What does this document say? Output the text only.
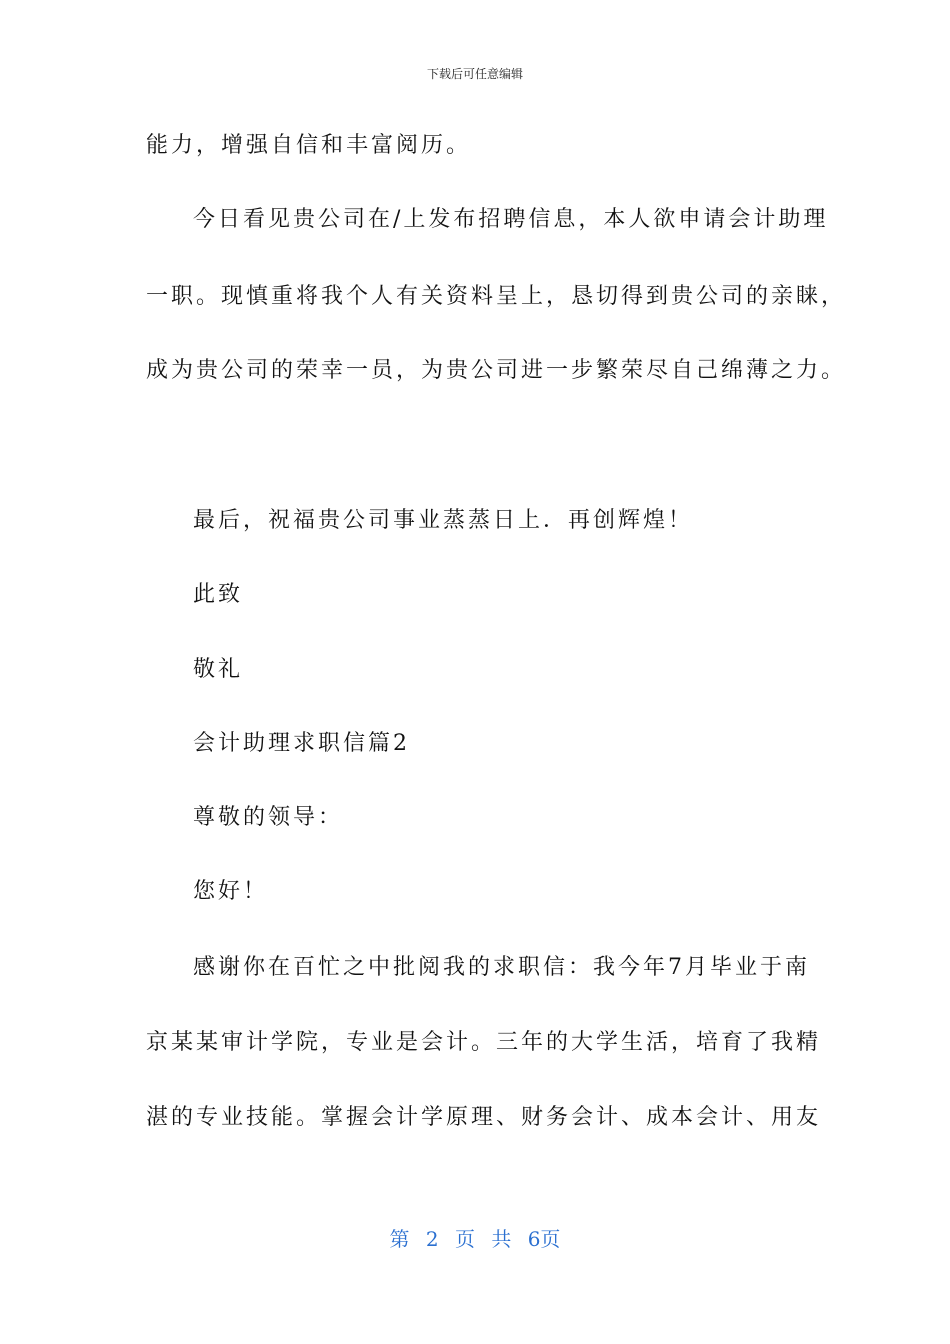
下载后可任意编辑
能力，增强自信和丰富阅历。
今日看见贵公司在/上发布招聘信息，本人欲申请会计助理
一职。现慎重将我个人有关资料呈上，恳切得到贵公司的亲睐，
成为贵公司的荣幸一员，为贵公司进一步繁荣尽自己绵薄之力。
最后，祝福贵公司事业蒸蒸日上．再创辉煌！
此致
敬礼
会计助理求职信篇2
尊敬的领导：
您好！
感谢你在百忙之中批阅我的求职信：我今年7月毕业于南
京某某审计学院，专业是会计。三年的大学生活，培育了我精
湛的专业技能。掌握会计学原理、财务会计、成本会计、用友
第 2 页 共 6页
